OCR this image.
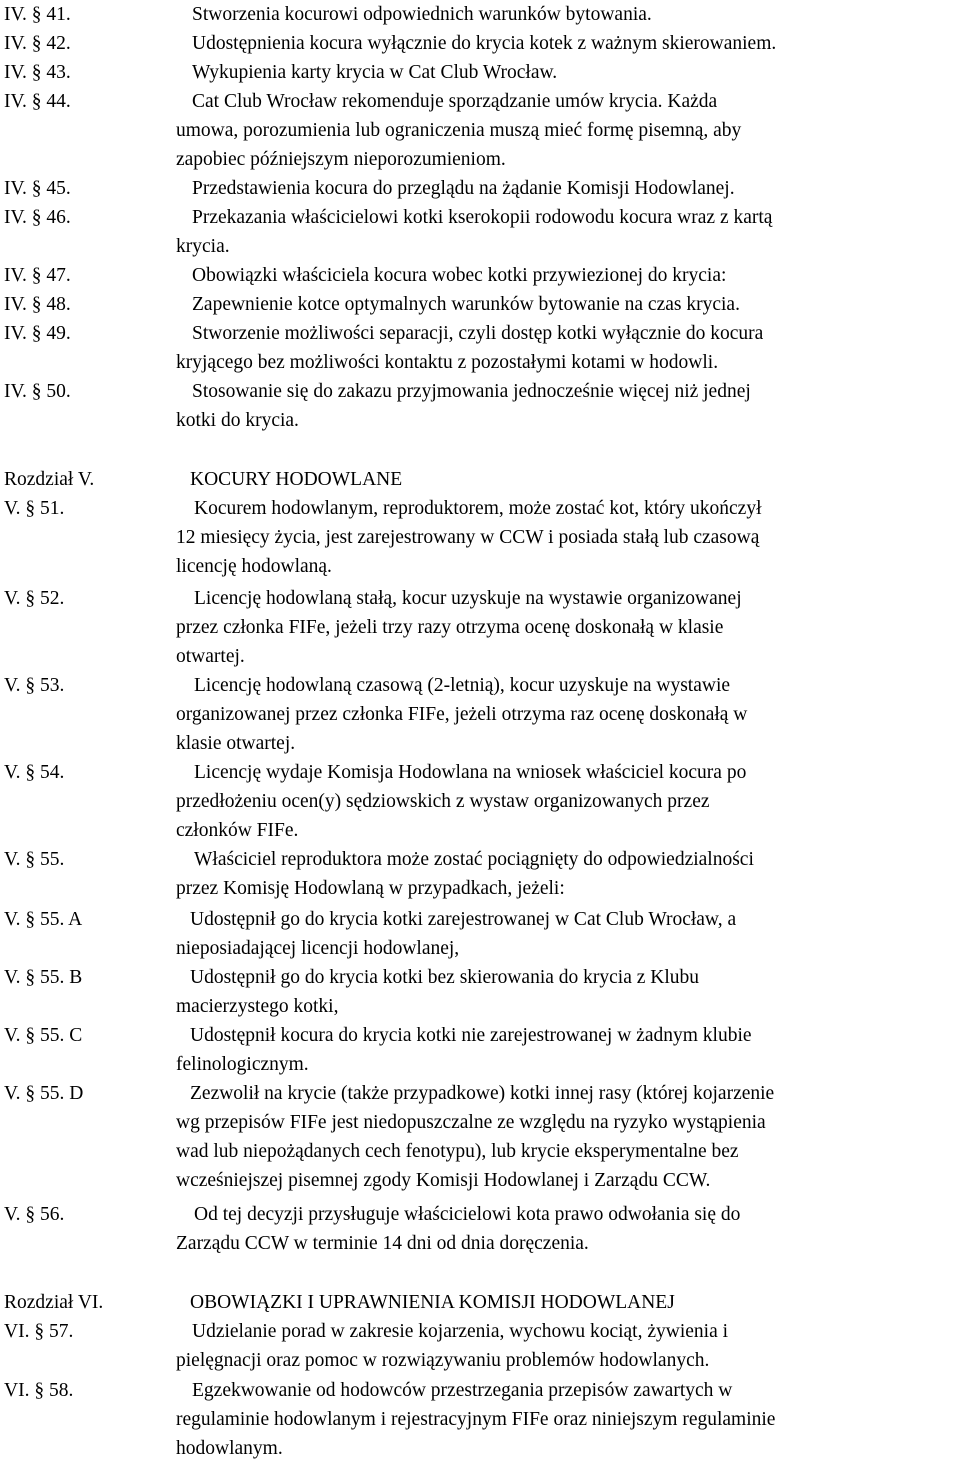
IV. § 41.	Stworzenia kocurowi odpowiednich warunków bytowania.
IV. § 42.	Udostępnienia kocura wyłącznie do krycia kotek z ważnym skierowaniem.
IV. § 43.	Wykupienia karty krycia w Cat Club Wrocław.
IV. § 44.	Cat Club Wrocław rekomenduje sporządzanie umów krycia. Każda
umowa, porozumienia lub ograniczenia muszą mieć formę pisemną, aby
zapobiec późniejszym nieporozumieniom.
IV. § 45.	Przedstawienia kocura do przeglądu na żądanie Komisji Hodowlanej.
IV. § 46.	Przekazania właścicielowi kotki kserokopii rodowodu kocura wraz z kartą
krycia.
IV. § 47.	Obowiązki właściciela kocura wobec kotki przywiezionej do krycia:
IV. § 48.	Zapewnienie kotce optymalnych warunków bytowanie na czas krycia.
IV. § 49.	Stworzenie możliwości separacji, czyli dostęp kotki wyłącznie do kocura
kryjącego bez możliwości kontaktu z pozostałymi kotami w hodowli.
IV. § 50.	Stosowanie się do zakazu przyjmowania jednocześnie więcej niż jednej
kotki do krycia.
Rozdział V.	KOCURY HODOWLANE
V. § 51.	Kocurem hodowlanym, reproduktorem, może zostać kot, który ukończył
12 miesięcy życia, jest zarejestrowany w CCW i posiada stałą lub czasową
licencję hodowlaną.
V. § 52.	Licencję hodowlaną stałą, kocur uzyskuje na wystawie organizowanej
przez członka FIFe, jeżeli trzy razy otrzyma ocenę doskonałą w klasie
otwartej.
V. § 53.	Licencję hodowlaną czasową (2-letnią), kocur uzyskuje na wystawie
organizowanej przez członka FIFe, jeżeli otrzyma raz ocenę doskonałą w
klasie otwartej.
V. § 54.	Licencję wydaje Komisja Hodowlana na wniosek właściciel kocura po
przedłożeniu ocen(y) sędziowskich z wystaw organizowanych przez
członków FIFe.
V. § 55.	Właściciel reproduktora może zostać pociągnięty do odpowiedzialności
przez Komisję Hodowlaną w przypadkach, jeżeli:
V. § 55. A	Udostępnił go do krycia kotki zarejestrowanej w Cat Club Wrocław, a
nieposiadającej licencji hodowlanej,
V. § 55. B	Udostępnił go do krycia kotki bez skierowania do krycia z Klubu
macierzystego kotki,
V. § 55. C	Udostępnił kocura do krycia kotki nie zarejestrowanej w żadnym klubie
felinologicznym.
V. § 55. D	Zezwolił na krycie (także przypadkowe) kotki innej rasy (której kojarzenie
wg przepisów FIFe jest niedopuszczalne ze względu na ryzyko wystąpienia
wad lub niepożądanych cech fenotypu), lub krycie eksperymentalne bez
wcześniejszej pisemnej zgody Komisji Hodowlanej i Zarządu CCW.
V. § 56.	Od tej decyzji przysługuje właścicielowi kota prawo odwołania się do
Zarządu CCW w terminie 14 dni od dnia doręczenia.
Rozdział VI.	OBOWIĄZKI I UPRAWNIENIA KOMISJI HODOWLANEJ
VI. § 57.	Udzielanie porad w zakresie kojarzenia, wychowu kociąt, żywienia i
pielęgnacji oraz pomoc w rozwiązywaniu problemów hodowlanych.
VI. § 58.	Egzekwowanie od hodowców przestrzegania przepisów zawartych w
regulaminie hodowlanym i rejestracyjnym FIFe oraz niniejszym regulaminie
hodowlanym.
